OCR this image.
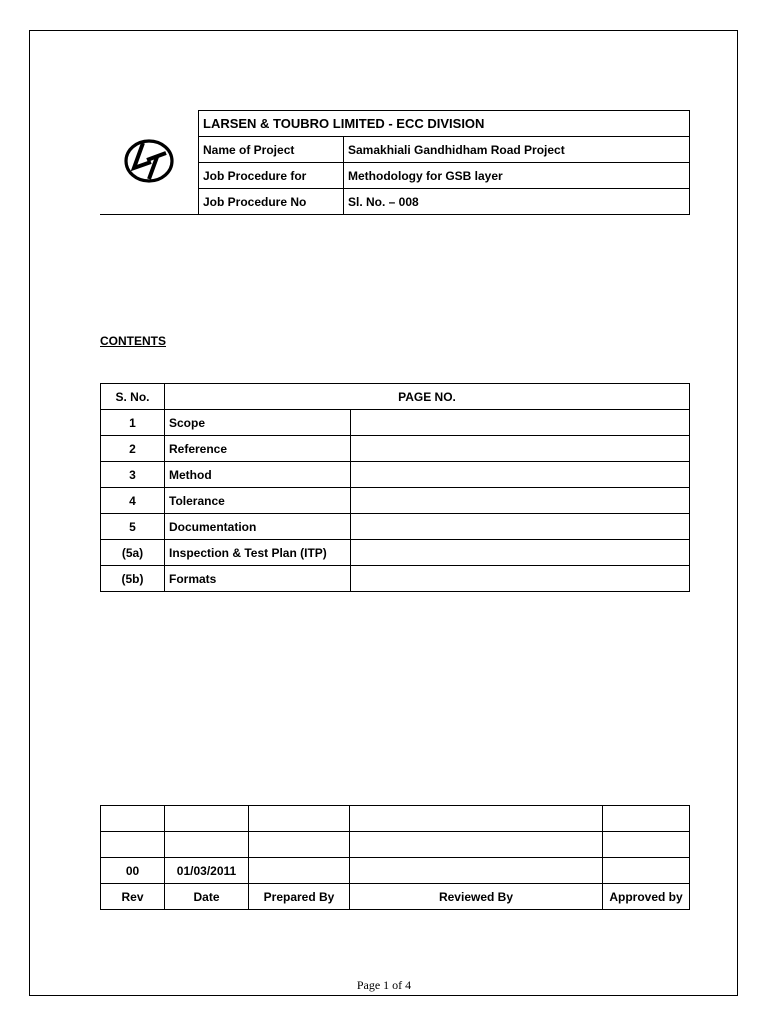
	LARSEN & TOUBRO LIMITED - ECC DIVISION	
	Name of Project	Samakhiali Gandhidham Road Project
	Job Procedure for	Methodology for GSB layer
	Job Procedure No	Sl. No. – 008
CONTENTS
S. No.	PAGE NO.	
1	Scope	
2	Reference	
3	Method	
4	Tolerance	
5	Documentation	
(5a)	Inspection & Test Plan (ITP)	
(5b)	Formats	

00	01/03/2011			
Rev	Date	Prepared By	Reviewed By	Approved by
Page 1 of 4
